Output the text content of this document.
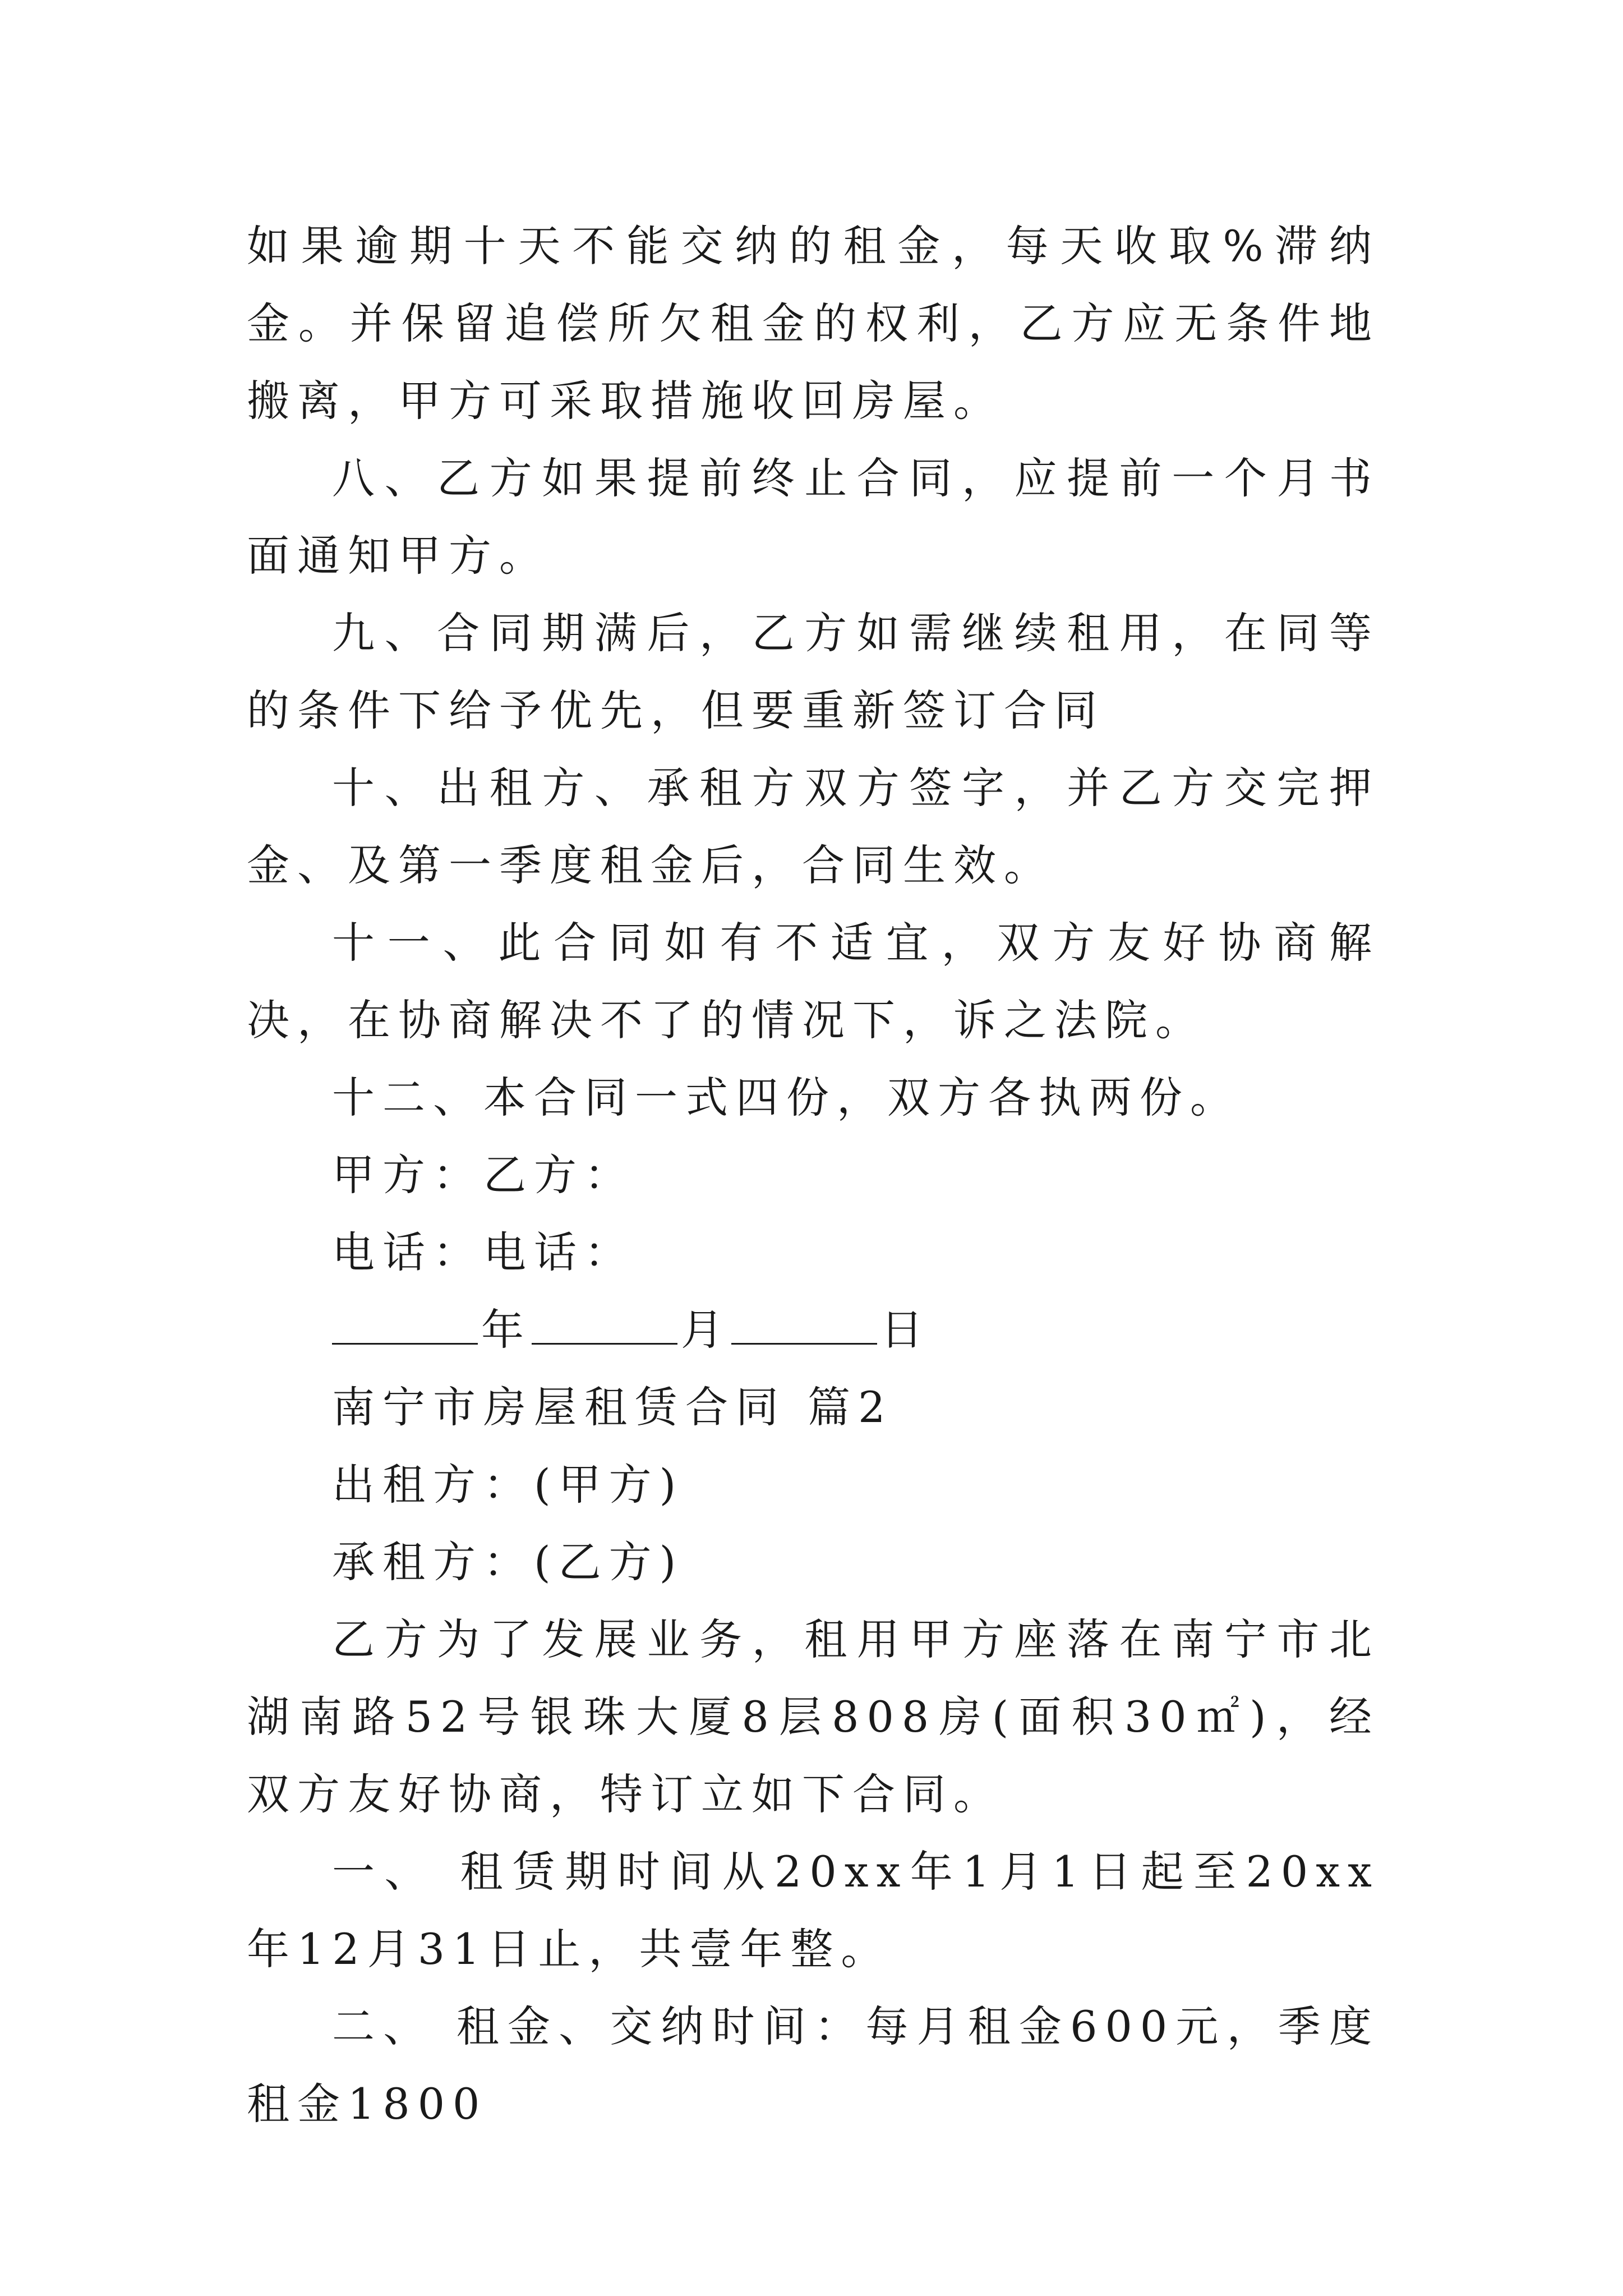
如果逾期十天不能交纳的租金，每天收取%滞纳金。并保留追偿所欠租金的权利，乙方应无条件地搬离，甲方可采取措施收回房屋。

八、乙方如果提前终止合同，应提前一个月书面通知甲方。

九、合同期满后，乙方如需继续租用，在同等的条件下给予优先，但要重新签订合同

十、出租方、承租方双方签字，并乙方交完押金、及第一季度租金后，合同生效。

十一、此合同如有不适宜，双方友好协商解决，在协商解决不了的情况下，诉之法院。

十二、本合同一式四份，双方各执两份。

甲方：乙方：

电话：电话：

年	月	日

南宁市房屋租赁合同 篇2

出租方：(甲方)

承租方：(乙方)

乙方为了发展业务，租用甲方座落在南宁市北湖南路52号银珠大厦8层808房(面积30㎡)，经双方友好协商，特订立如下合同。

一、 租赁期时间从20xx年1月1日起至20xx年12月31日止，共壹年整。

二、 租金、交纳时间：每月租金600元，季度租金1800
